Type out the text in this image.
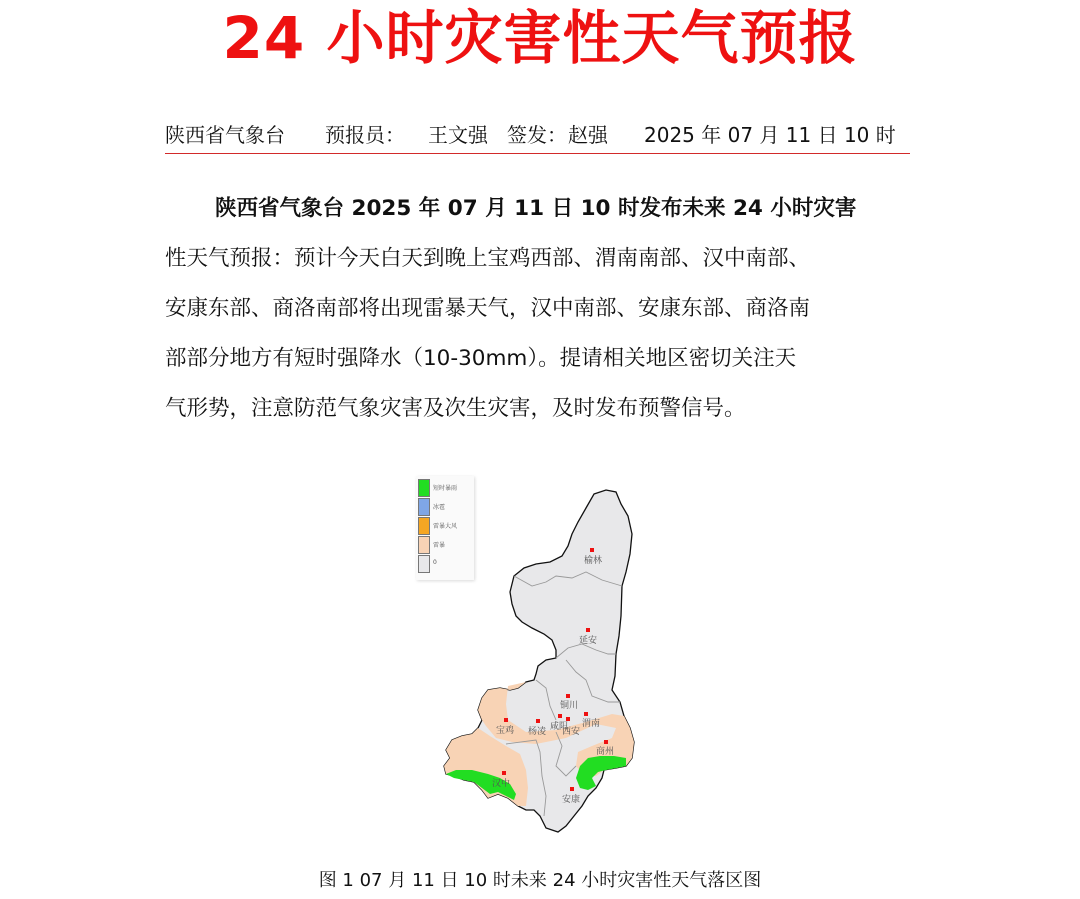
24 小时灾害性天气预报
陕西省气象台 预报员： 王文强 签发： 赵强 2025 年 07 月 11 日 10 时
陕西省气象台 2025 年 07 月 11 日 10 时发布未来 24 小时灾害
性天气预报：预计今天白天到晚上宝鸡西部、渭南南部、汉中南部、
安康东部、商洛南部将出现雷暴天气，汉中南部、安康东部、商洛南
部部分地方有短时强降水（10-30mm）。提请相关地区密切关注天
气形势，注意防范气象灾害及次生灾害，及时发布预警信号。
榆林
延安
铜川
宝鸡 杨凌 咸阳
西安
渭南
商州
汉中
安康
短时暴雨
冰雹
雷暴大风
雷暴
0
图 1 07 月 11 日 10 时未来 24 小时灾害性天气落区图
